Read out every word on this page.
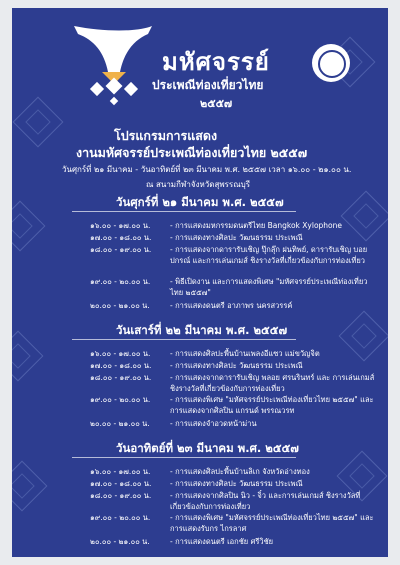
มหัศจรรย์
ประเพณีท่องเที่ยวไทย
๒๕๕๗
โปรแกรมการแสดง
งานมหัศจรรย์ประเพณีท่องเที่ยวไทย ๒๕๕๗
วันศุกร์ที่ ๒๑ มีนาคม - วันอาทิตย์ที่ ๒๓ มีนาคม พ.ศ. ๒๕๕๗ เวลา ๑๖.๐๐ - ๒๑.๐๐ น.
ณ สนามกีฬาจังหวัดสุพรรณบุรี
วันศุกร์ที่ ๒๑ มีนาคม พ.ศ. ๒๕๕๗
๑๖.๐๐ - ๑๗.๐๐ น.	- การแสดงมหกรรมดนตรีไทย Bangkok Xylophone
๑๗.๐๐ - ๑๘.๐๐ น. - การแสดงทางศิลปะ วัฒนธรรม ประเพณี
๑๘.๐๐ - ๑๙.๐๐ น.	- การแสดงจากดารารับเชิญ ปุ๊กลุ๊ก ฝนทิพย์, ดารารับเชิญ บอย ปกรณ์ และการเล่นเกมส์ ชิงรางวัลที่เกี่ยวข้องกับการท่องเที่ยว
๑๙.๐๐ - ๒๐.๐๐ น.	- พิธีเปิดงาน และการแสดงพิเศษ "มหัศจรรย์ประเพณีท่องเที่ยวไทย ๒๕๕๗"
๒๐.๐๐ - ๒๑.๐๐ น.	- การแสดงดนตรี อาภาพร นครสวรรค์
วันเสาร์ที่ ๒๒ มีนาคม พ.ศ. ๒๕๕๗
๑๖.๐๐ - ๑๗.๐๐ น.	- การแสดงศิลปะพื้นบ้านเพลงอีแซว แม่ขวัญจิต
๑๗.๐๐ - ๑๘.๐๐ น. - การแสดงทางศิลปะ วัฒนธรรม ประเพณี
๑๘.๐๐ - ๑๙.๐๐ น.	- การแสดงจากดารารับเชิญ พลอย ศรนรินทร์ และ การเล่นเกมส์ชิงรางวัลที่เกี่ยวข้องกับการท่องเที่ยว
๑๙.๐๐ - ๒๐.๐๐ น.	- การแสดงพิเศษ "มหัศจรรย์ประเพณีท่องเที่ยวไทย ๒๕๕๗" และ การแสดงจากศิลปิน แกรนด์ พรรณวรท
๒๐.๐๐ - ๒๑.๐๐ น.	- การแสดงจำอวดหน้าม่าน
วันอาทิตย์ที่ ๒๓ มีนาคม พ.ศ. ๒๕๕๗
๑๖.๐๐ - ๑๗.๐๐ น.	- การแสดงศิลปะพื้นบ้านลิเก จังหวัดอ่างทอง
๑๗.๐๐ - ๑๘.๐๐ น. - การแสดงทางศิลปะ วัฒนธรรม ประเพณี
๑๘.๐๐ - ๑๙.๐๐ น.	- การแสดงจากศิลปิน นิว - จิ๋ว และการเล่นเกมส์ ชิงรางวัลที่เกี่ยวข้องกับการท่องเที่ยว
๑๙.๐๐ - ๒๐.๐๐ น.	- การแสดงพิเศษ "มหัศจรรย์ประเพณีท่องเที่ยวไทย ๒๕๕๗" และการแสดงรับกร ไกรลาศ
๒๐.๐๐ - ๒๑.๐๐ น.	- การแสดงดนตรี เอกชัย ศรีวิชัย
